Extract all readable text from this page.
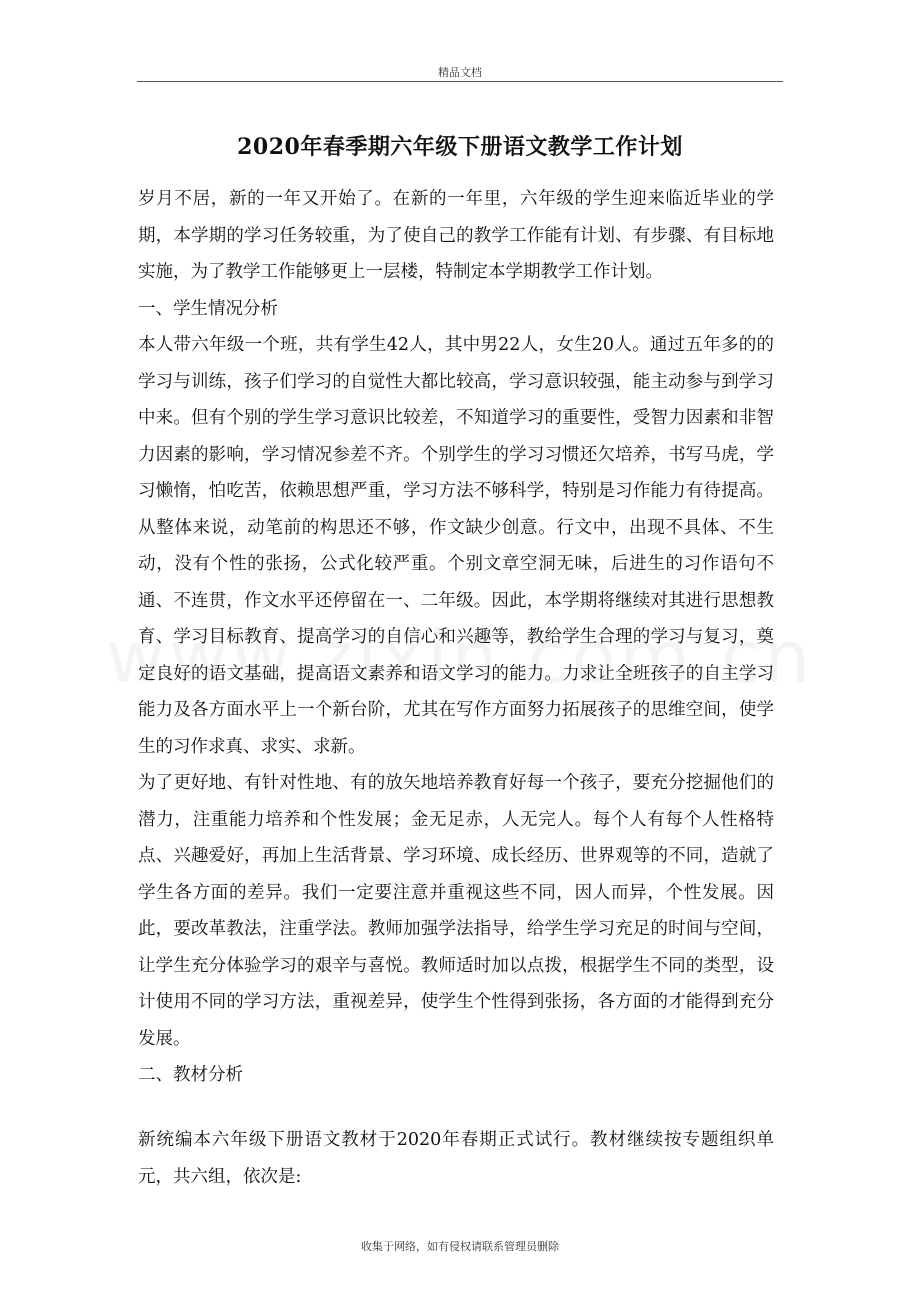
精品文档
2020年春季期六年级下册语文教学工作计划

岁月不居，新的一年又开始了。在新的一年里，六年级的学生迎来临近毕业的学期，本学期的学习任务较重，为了使自己的教学工作能有计划、有步骤、有目标地实施，为了教学工作能够更上一层楼，特制定本学期教学工作计划。

一、学生情况分析

本人带六年级一个班，共有学生42人，其中男22人，女生20人。通过五年多的的学习与训练，孩子们学习的自觉性大都比较高，学习意识较强，能主动参与到学习中来。但有个别的学生学习意识比较差，不知道学习的重要性，受智力因素和非智力因素的影响，学习情况参差不齐。个别学生的学习习惯还欠培养，书写马虎，学习懒惰，怕吃苦，依赖思想严重，学习方法不够科学，特别是习作能力有待提高。从整体来说，动笔前的构思还不够，作文缺少创意。行文中，出现不具体、不生动，没有个性的张扬，公式化较严重。个别文章空洞无味，后进生的习作语句不通、不连贯，作文水平还停留在一、二年级。因此，本学期将继续对其进行思想教育、学习目标教育、提高学习的自信心和兴趣等，教给学生合理的学习与复习，奠定良好的语文基础，提高语文素养和语文学习的能力。力求让全班孩子的自主学习能力及各方面水平上一个新台阶，尤其在写作方面努力拓展孩子的思维空间，使学生的习作求真、求实、求新。

为了更好地、有针对性地、有的放矢地培养教育好每一个孩子，要充分挖掘他们的潜力，注重能力培养和个性发展；金无足赤，人无完人。每个人有每个人性格特点、兴趣爱好，再加上生活背景、学习环境、成长经历、世界观等的不同，造就了学生各方面的差异。我们一定要注意并重视这些不同，因人而异，个性发展。因此，要改革教法，注重学法。教师加强学法指导，给学生学习充足的时间与空间，让学生充分体验学习的艰辛与喜悦。教师适时加以点拨，根据学生不同的类型，设计使用不同的学习方法，重视差异，使学生个性得到张扬，各方面的才能得到充分发展。

二、教材分析

新统编本六年级下册语文教材于2020年春期正式试行。教材继续按专题组织单元，共六组，依次是:

收集于网络，如有侵权请联系管理员删除
